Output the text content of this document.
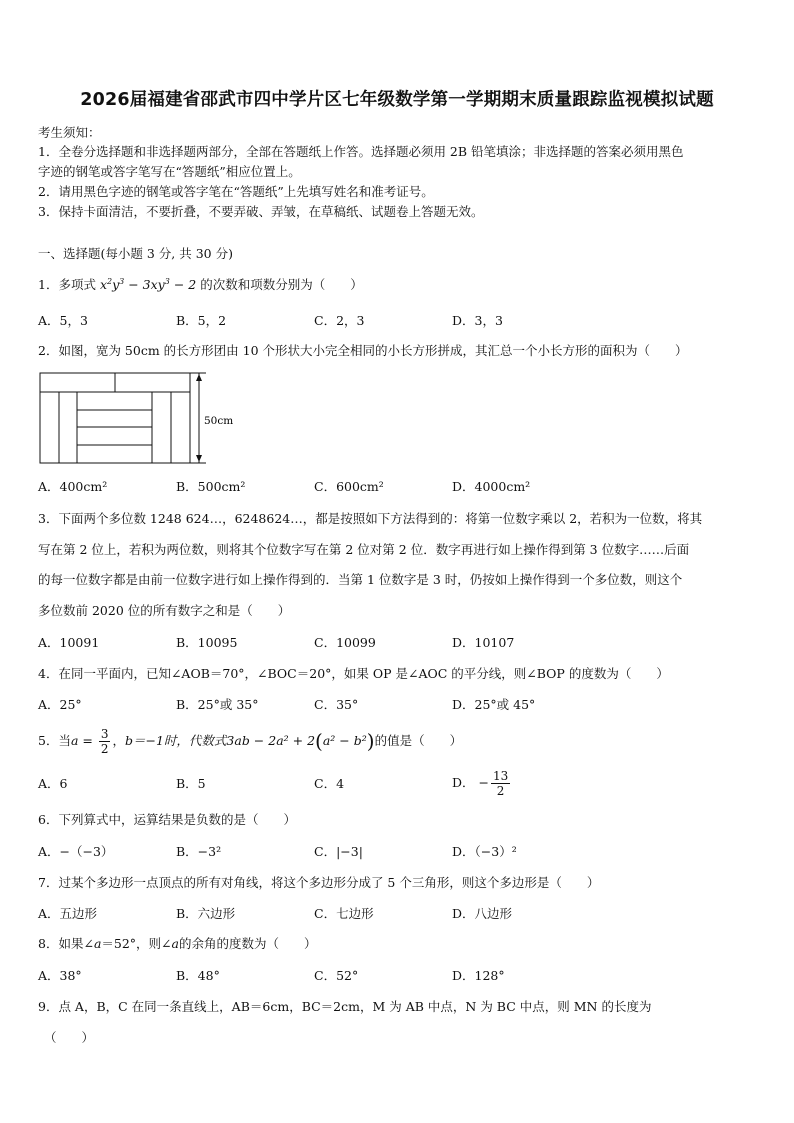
2026届福建省邵武市四中学片区七年级数学第一学期期末质量跟踪监视模拟试题
考生须知：
1．全卷分选择题和非选择题两部分，全部在答题纸上作答。选择题必须用 2B 铅笔填涂；非选择题的答案必须用黑色
字迹的钢笔或答字笔写在“答题纸”相应位置上。
2．请用黑色字迹的钢笔或答字笔在“答题纸”上先填写姓名和准考证号。
3．保持卡面清洁，不要折叠，不要弄破、弄皱，在草稿纸、试题卷上答题无效。
一、选择题(每小题 3 分, 共 30 分)
1．多项式 $x^2y^3 - 3xy^3 - 2$ 的次数和项数分别为（　　）
A．5，3	B．5，2	C．2，3	D．3，3
2．如图，宽为 50cm 的长方形团由 10 个形状大小完全相同的小长方形拼成，其汇总一个小长方形的面积为（　　）
50cm
A．400cm²	B．500cm²	C．600cm²	D．4000cm²
3．下面两个多位数 1248 624…，6248624…，都是按照如下方法得到的：将第一位数字乘以 2，若积为一位数，将其
写在第 2 位上，若积为两位数，则将其个位数字写在第 2 位对第 2 位．数字再进行如上操作得到第 3 位数字……后面
的每一位数字都是由前一位数字进行如上操作得到的．当第 1 位数字是 3 时，仍按如上操作得到一个多位数，则这个
多位数前 2020 位的所有数字之和是（　　）
A．10091	B．10095	C．10099	D．10107
4．在同一平面内，已知∠AOB＝70°，∠BOC＝20°，如果 OP 是∠AOC 的平分线，则∠BOP 的度数为（　　）
A．25°	B．25°或 35°	C．35°	D．25°或 45°
5．当$a = \frac{3}{2}$ ，b＝−1时，代数式3ab − 2a² + 2(a² − b²)的值是（　　）
A．6	B．5	C．4	D． − $\frac{13}{2}$
6．下列算式中，运算结果是负数的是（　　）
A．−（−3）	B．−3²	C．|−3|	D．（−3）²
7．过某个多边形一点顶点的所有对角线，将这个多边形分成了 5 个三角形，则这个多边形是（　　）
A．五边形	B．六边形	C．七边形	D．八边形
8．如果∠a＝52°，则∠a的余角的度数为（　　）
A．38°	B．48°	C．52°	D．128°
9．点 A，B，C 在同一条直线上，AB＝6cm，BC＝2cm，M 为 AB 中点，N 为 BC 中点，则 MN 的长度为
（　　）
